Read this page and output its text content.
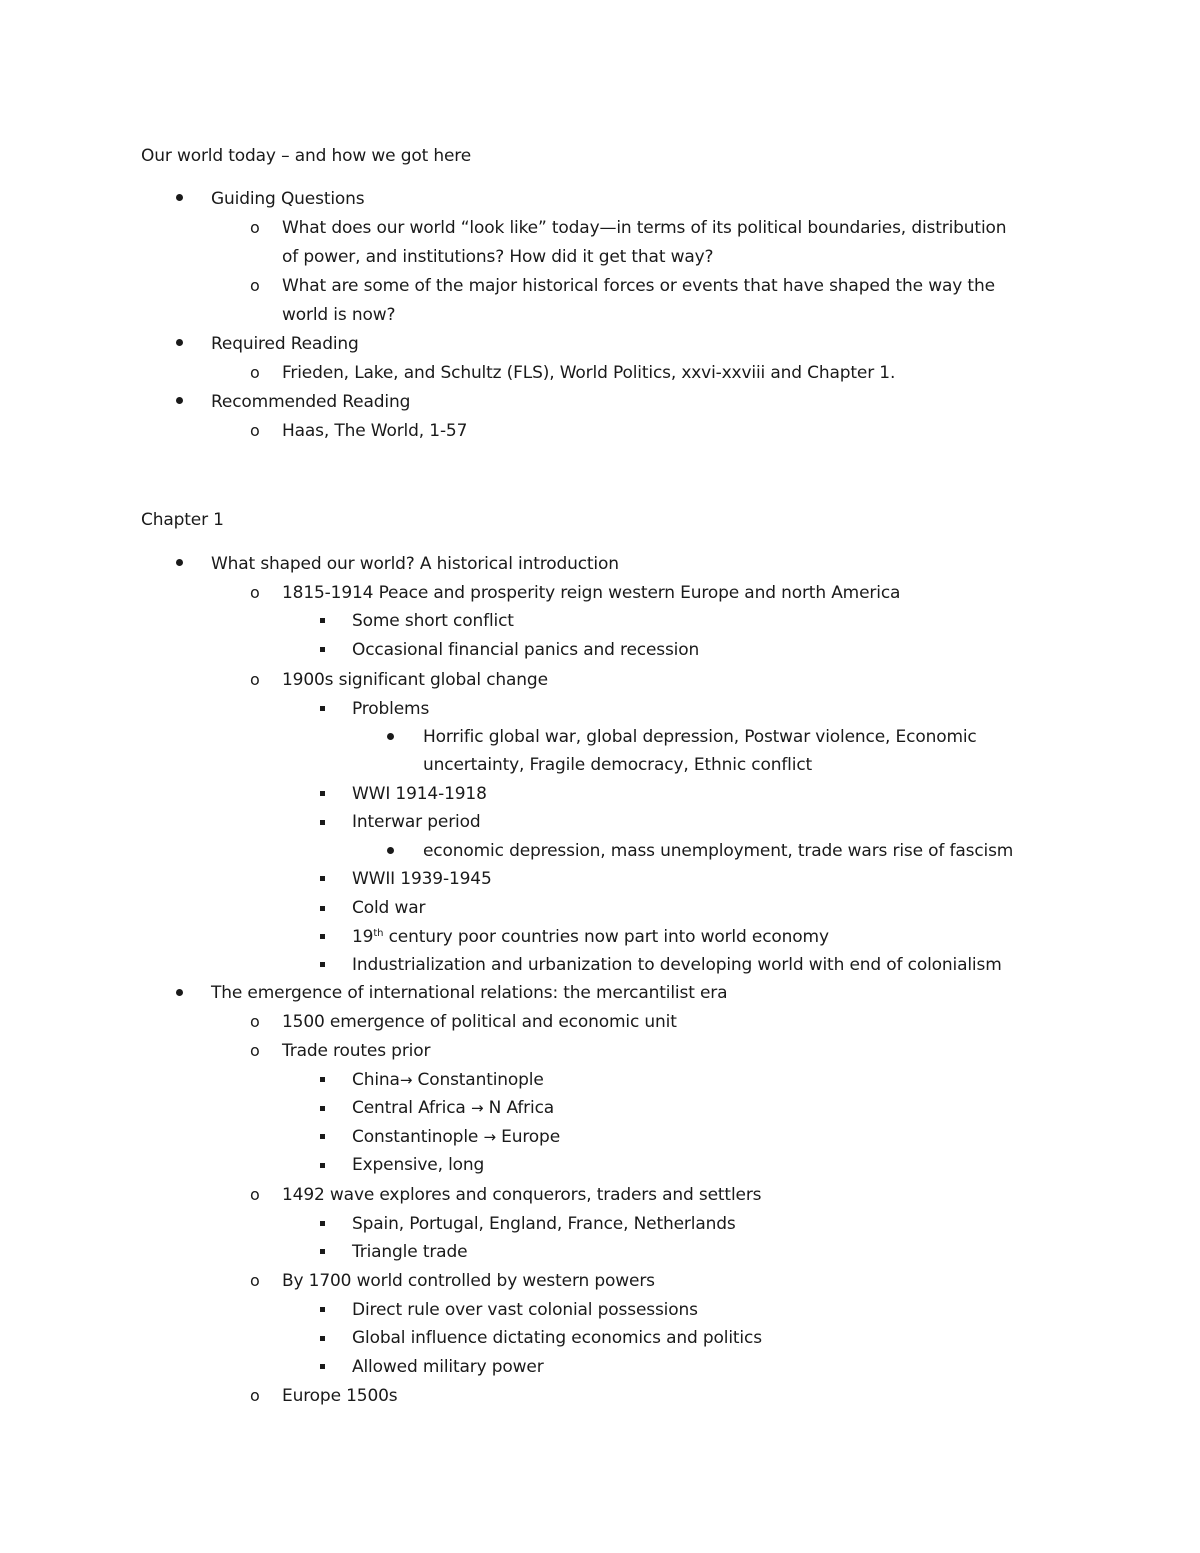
Our world today – and how we got here
Guiding Questions
o What does our world “look like” today—in terms of its political boundaries, distribution
of power, and institutions? How did it get that way?
o What are some of the major historical forces or events that have shaped the way the
world is now?
Required Reading
o Frieden, Lake, and Schultz (FLS), World Politics, xxvi-xxviii and Chapter 1.
Recommended Reading
o Haas, The World, 1-57
Chapter 1
What shaped our world? A historical introduction
o 1815-1914 Peace and prosperity reign western Europe and north America
Some short conflict
Occasional financial panics and recession
o 1900s significant global change
Problems
Horrific global war, global depression, Postwar violence, Economic
uncertainty, Fragile democracy, Ethnic conflict
WWI 1914-1918
Interwar period
economic depression, mass unemployment, trade wars rise of fascism
WWII 1939-1945
Cold war
19th century poor countries now part into world economy
Industrialization and urbanization to developing world with end of colonialism
The emergence of international relations: the mercantilist era
o 1500 emergence of political and economic unit
o Trade routes prior
China→ Constantinople
Central Africa → N Africa
Constantinople → Europe
Expensive, long
o 1492 wave explores and conquerors, traders and settlers
Spain, Portugal, England, France, Netherlands
Triangle trade
o By 1700 world controlled by western powers
Direct rule over vast colonial possessions
Global influence dictating economics and politics
Allowed military power
o Europe 1500s
